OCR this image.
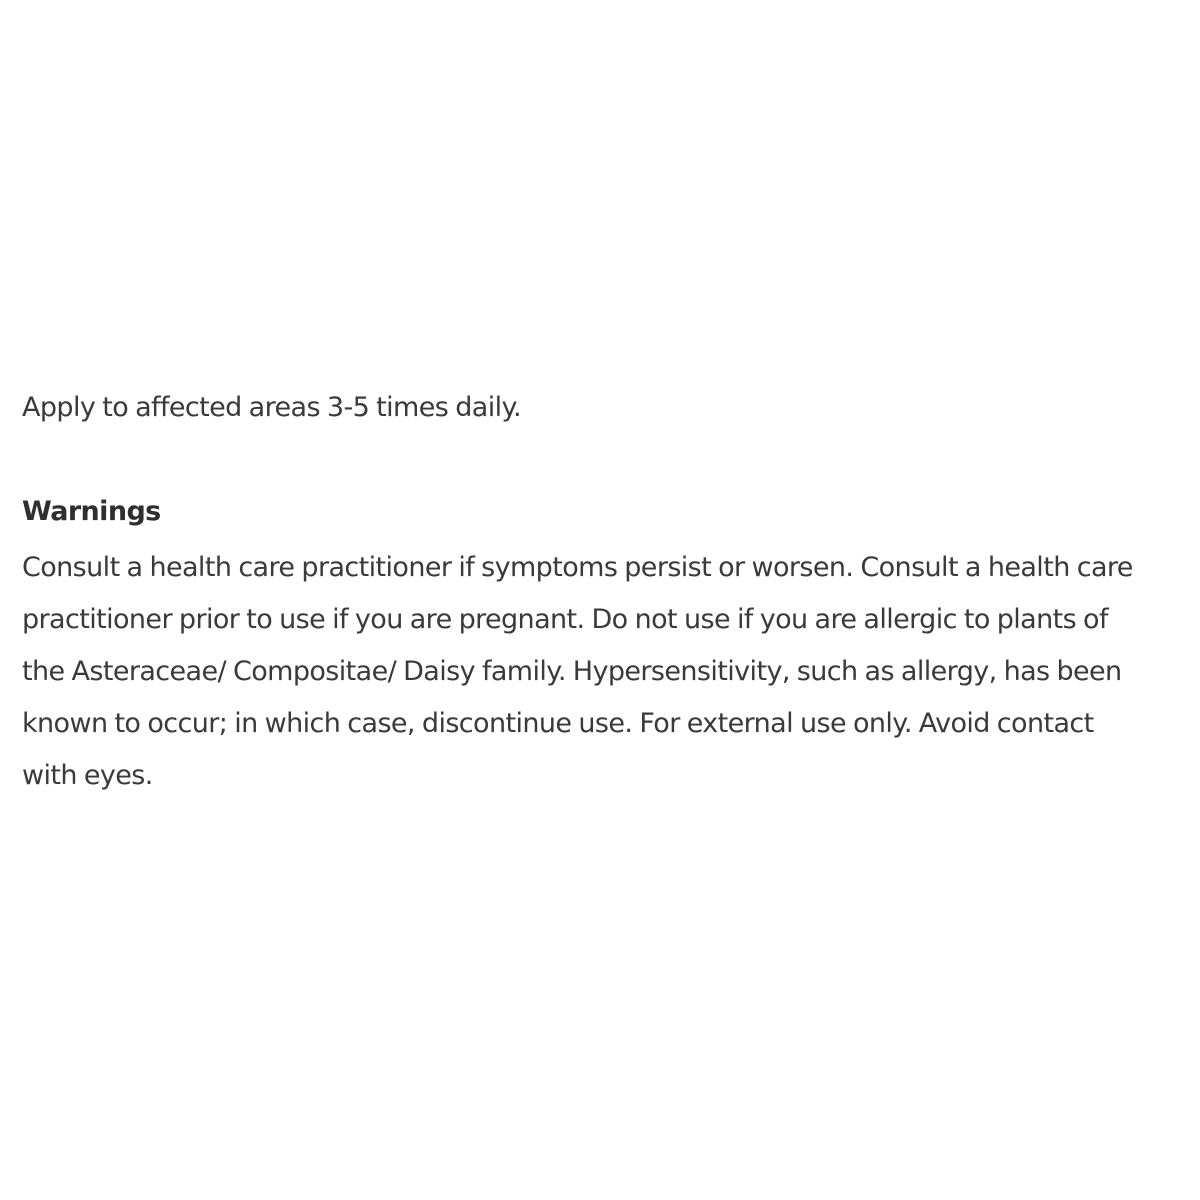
Apply to affected areas 3-5 times daily.

Warnings

Consult a health care practitioner if symptoms persist or worsen. Consult a health care
practitioner prior to use if you are pregnant. Do not use if you are allergic to plants of
the Asteraceae/ Compositae/ Daisy family. Hypersensitivity, such as allergy, has been
known to occur; in which case, discontinue use. For external use only. Avoid contact
with eyes.
